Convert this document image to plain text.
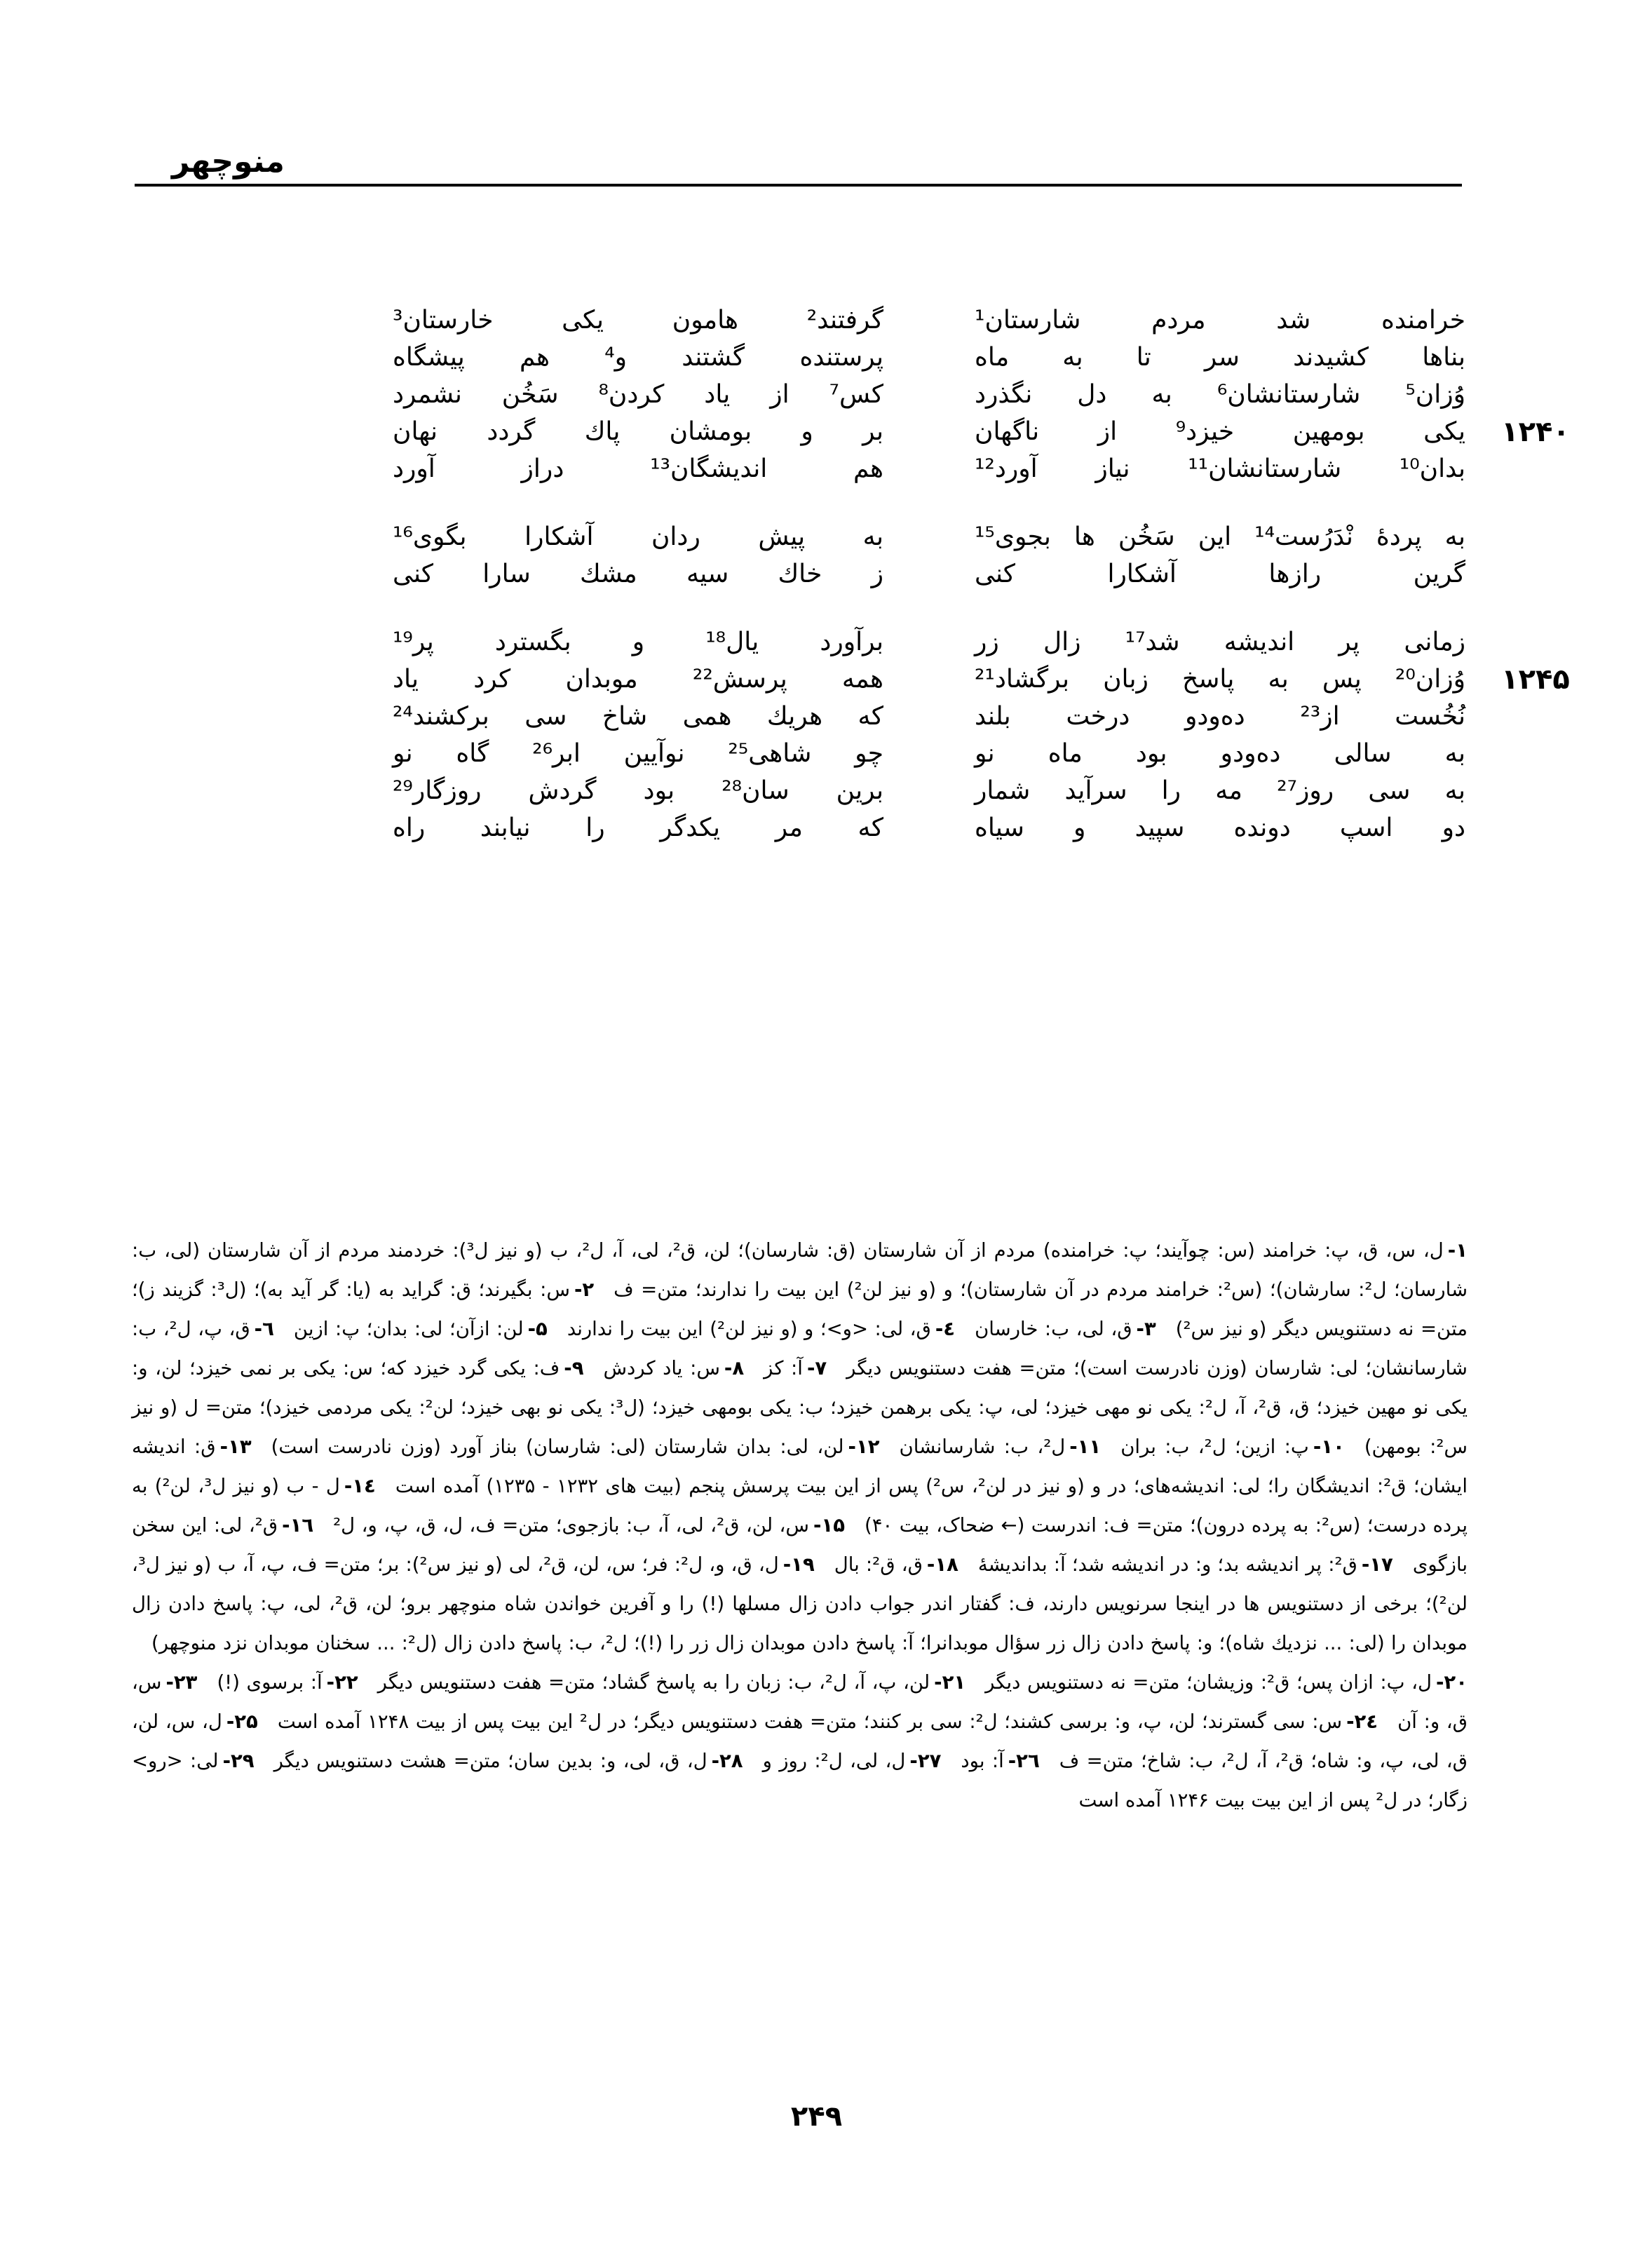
منوچهر
خرامنده شد مردم شارستان¹
گرفتند² هامون یکی خارستان³
بناها کشیدند سر تا به ماه
پرستنده گشتند و⁴ هم پیشگاه
وُزان⁵ شارستانشان⁶ به دل نگذرد
کس⁷ از یاد کردن⁸ سَخُن نشمرد
۱۲۴۰
یکی بومهین خیزد⁹ از ناگهان
بر و بومشان پاك گردد نهان
بدان¹⁰ شارستانشان¹¹ نیاز آورد¹²
هم اندیشگان¹³ دراز آورد
به پردهٔ نْدَرُست¹⁴ این سَخُن ها بجوی¹⁵
به پیش ردان آشکارا بگوی¹⁶
گرین رازها آشکارا کنی
ز خاك سیه مشك سارا کنی
زمانی پر اندیشه شد¹⁷ زال زر
برآورد یال¹⁸ و بگسترد پر¹⁹
۱۲۴۵
وُزان²⁰ پس به پاسخ زبان برگشاد²¹
همه پرسش²² موبدان کرد یاد
نُخُست از²³ ده‌ودو درخت بلند
که هریك همی شاخ سی برکشند²⁴
به سالی ده‌ودو بود ماه نو
چو شاهی²⁵ نوآیین ابر²⁶ گاه نو
به سی روز²⁷ مه را سرآید شمار
برین سان²⁸ بود گردش روزگار²⁹
دو اسپ دونده سپید و سیاه
که مر یکدگر را نیابند راه
۱-ل، س، ق، پ: خرامند (س: چوآیند؛ پ: خرامنده) مردم از آن شارستان (ق: شارسان)؛ لن، ق²، لی، آ، ل²، ب (و نیز ل³): خردمند مردم از آن شارستان (لی، ب: شارسان؛ ل²: سارشان)؛ (س²: خرامند مردم در آن شارستان)؛ و (و نیز لن²) این بیت را ندارند؛ متن= ف۲-س: بگیرند؛ ق: گراید به (یا: گر آید به)؛ (ل³: گزیند ز)؛ متن= نه دستنویس دیگر (و نیز س²)۳-ق، لی، ب: خارسان٤-ق، لی: <و>؛ و (و نیز لن²) این بیت را ندارند۵-لن: ازآن؛ لی: بدان؛ پ: ازین٦-ق، پ، ل²، ب: شارسانشان؛ لی: شارسان (وزن نادرست است)؛ متن= هفت دستنویس دیگر۷-آ: کز۸-س: یاد کردش۹-ف: یکی گرد خیزد که؛ س: یکی بر نمی خیزد؛ لن، و: یکی نو مهین خیزد؛ ق، ق²، آ، ل²: یکی نو مهی خیزد؛ لی، پ: یکی برهمن خیزد؛ ب: یکی بومهی خیزد؛ (ل³: یکی نو بهی خیزد؛ لن²: یکی مردمی خیزد)؛ متن= ل (و نیز س²: بومهن)۱۰-پ: ازین؛ ل²، ب: بران۱۱-ل²، ب: شارسانشان۱۲-لن، لی: بدان شارستان (لی: شارسان) بناز آورد (وزن نادرست است)۱۳-ق: اندیشه ایشان؛ ق²: اندیشگان را؛ لی: اندیشه‌های؛ در و (و نیز در لن²، س²) پس از این بیت پرسش پنجم (بیت های ۱۲۳۲ - ۱۲۳۵) آمده است۱٤-ل - ب (و نیز ل³، لن²) به پرده درست؛ (س²: به پرده درون)؛ متن= ف: اندرست (← ضحاک، بیت ۴۰)۱۵-س، لن، ق²، لی، آ، ب: بازجوی؛ متن= ف، ل، ق، پ، و، ل²۱٦-ق²، لی: این سخن بازگوی۱۷-ق²: پر اندیشه بد؛ و: در اندیشه شد؛ آ: بداندیشهٔ۱۸-ق، ق²: بال۱۹-ل، ق، و، ل²: فر؛ س، لن، ق²، لی (و نیز س²): بر؛ متن= ف، پ، آ، ب (و نیز ل³، لن²)؛ برخی از دستنویس ها در اینجا سرنویس دارند، ف: گفتار اندر جواب دادن زال مسلها (!) را و آفرین خواندن شاه منوچهر برو؛ لن، ق²، لی، پ: پاسخ دادن زال موبدان را (لی: ... نزدیك شاه)؛ و: پاسخ دادن زال زر سؤال موبدانرا؛ آ: پاسخ دادن موبدان زال زر را (!)؛ ل²، ب: پاسخ دادن زال (ل²: ... سخنان موبدان نزد منوچهر)۲۰-ل، پ: ازان پس؛ ق²: وزیشان؛ متن= نه دستنویس دیگر۲۱-لن، پ، آ، ل²، ب: زبان را به پاسخ گشاد؛ متن= هفت دستنویس دیگر۲۲-آ: برسوی (!)۲۳-س، ق، و: آن۲٤-س: سی گسترند؛ لن، پ، و: برسی کشند؛ ل²: سی بر کنند؛ متن= هفت دستنویس دیگر؛ در ل² این بیت پس از بیت ۱۲۴۸ آمده است۲۵-ل، س، لن، ق، لی، پ، و: شاه؛ ق²، آ، ل²، ب: شاخ؛ متن= ف۲٦-آ: بود۲۷-ل، لی، ل²: روز و۲۸-ل، ق، لی، و: بدین سان؛ متن= هشت دستنویس دیگر۲۹-لی: <رو> زگار؛ در ل² پس از این بیت بیت ۱۲۴۶ آمده است
۲۴۹
